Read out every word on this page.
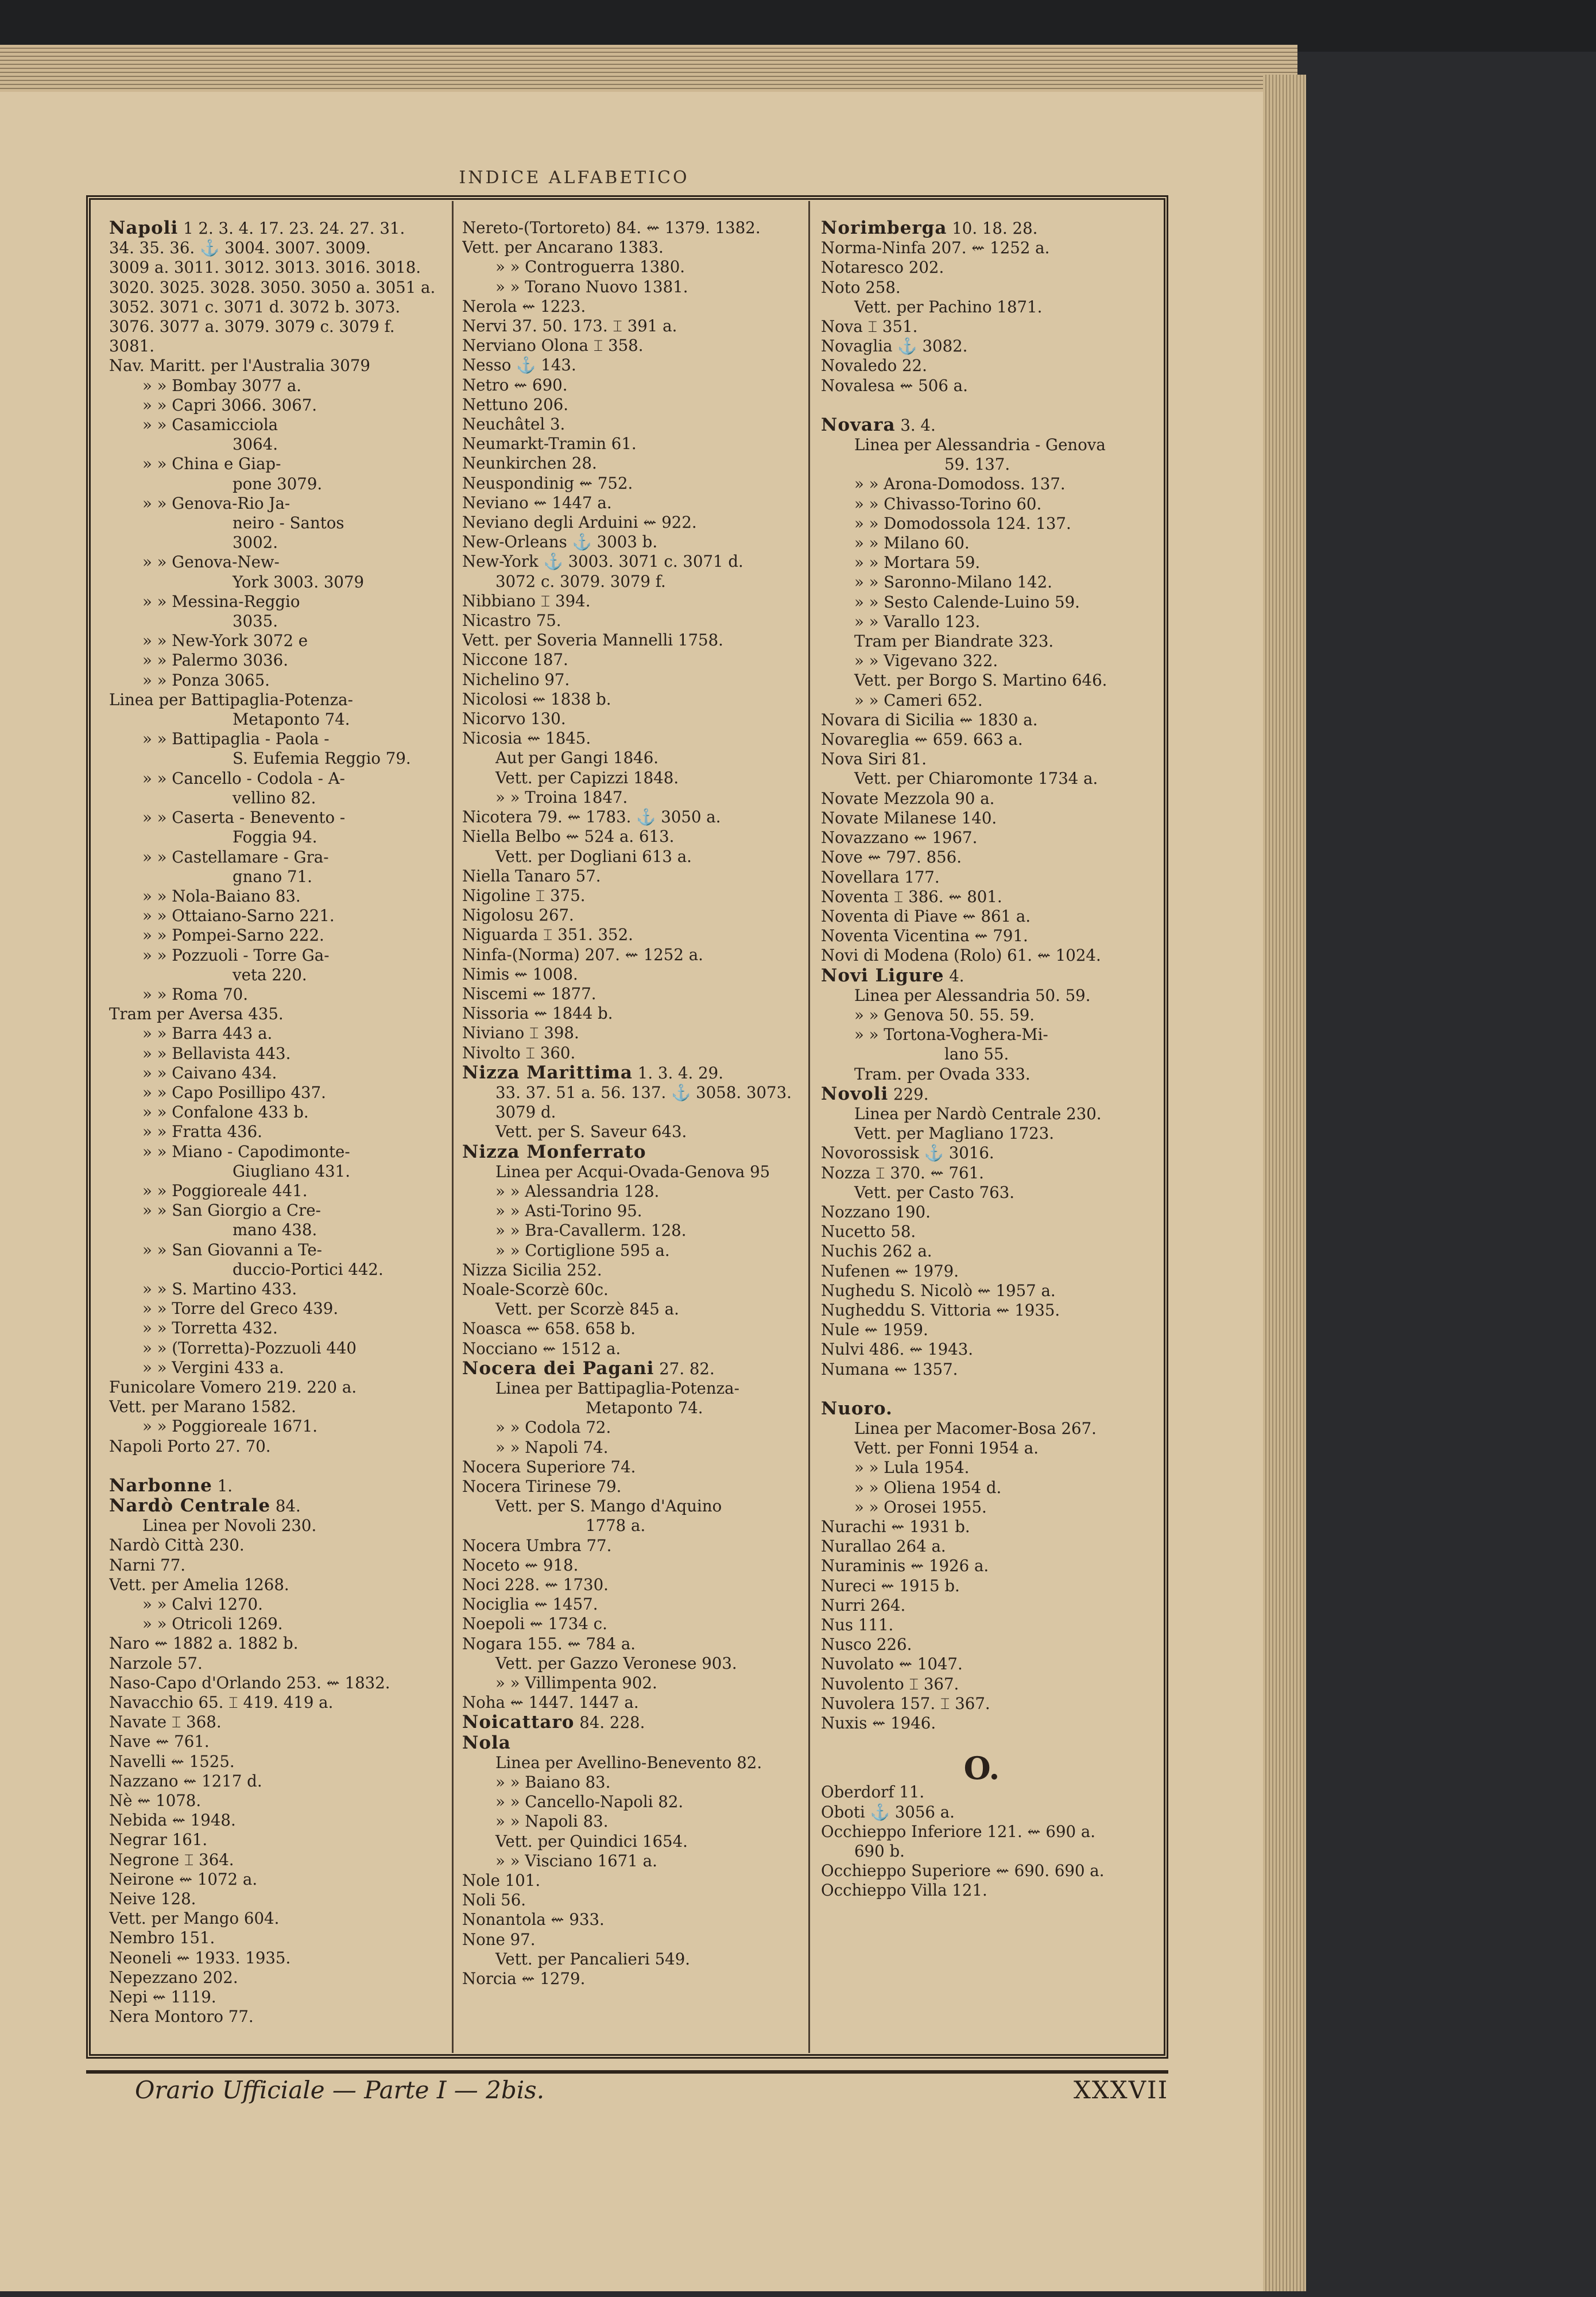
INDICE ALFABETICO
Napoli 1 2. 3. 4. 17. 23. 24. 27. 31.
34. 35. 36. ⚓ 3004. 3007. 3009.
3009 a. 3011. 3012. 3013. 3016. 3018.
3020. 3025. 3028. 3050. 3050 a. 3051 a.
3052. 3071 c. 3071 d. 3072 b. 3073.
3076. 3077 a. 3079. 3079 c. 3079 f.
3081.
Nav. Maritt. per l'Australia 3079
» » Bombay 3077 a.
» » Capri 3066. 3067.
» » Casamicciola
3064.
» » China e Giap-
pone 3079.
» » Genova-Rio Ja-
neiro - Santos
3002.
» » Genova-New-
York 3003. 3079
» » Messina-Reggio
3035.
» » New-York 3072 e
» » Palermo 3036.
» » Ponza 3065.
Linea per Battipaglia-Potenza-
Metaponto 74.
» » Battipaglia - Paola -
S. Eufemia Reggio 79.
» » Cancello - Codola - A-
vellino 82.
» » Caserta - Benevento -
Foggia 94.
» » Castellamare - Gra-
gnano 71.
» » Nola-Baiano 83.
» » Ottaiano-Sarno 221.
» » Pompei-Sarno 222.
» » Pozzuoli - Torre Ga-
veta 220.
» » Roma 70.
Tram per Aversa 435.
» » Barra 443 a.
» » Bellavista 443.
» » Caivano 434.
» » Capo Posillipo 437.
» » Confalone 433 b.
» » Fratta 436.
» » Miano - Capodimonte-
Giugliano 431.
» » Poggioreale 441.
» » San Giorgio a Cre-
mano 438.
» » San Giovanni a Te-
duccio-Portici 442.
» » S. Martino 433.
» » Torre del Greco 439.
» » Torretta 432.
» » (Torretta)-Pozzuoli 440
» » Vergini 433 a.
Funicolare Vomero 219. 220 a.
Vett. per Marano 1582.
» » Poggioreale 1671.
Napoli Porto 27. 70.
Narbonne 1.
Nardò Centrale 84.
Linea per Novoli 230.
Nardò Città 230.
Narni 77.
Vett. per Amelia 1268.
» » Calvi 1270.
» » Otricoli 1269.
Naro ⇜ 1882 a. 1882 b.
Narzole 57.
Naso-Capo d'Orlando 253. ⇜ 1832.
Navacchio 65. ⌶ 419. 419 a.
Navate ⌶ 368.
Nave ⇜ 761.
Navelli ⇜ 1525.
Nazzano ⇜ 1217 d.
Nè ⇜ 1078.
Nebida ⇜ 1948.
Negrar 161.
Negrone ⌶ 364.
Neirone ⇜ 1072 a.
Neive 128.
Vett. per Mango 604.
Nembro 151.
Neoneli ⇜ 1933. 1935.
Nepezzano 202.
Nepi ⇜ 1119.
Nera Montoro 77.
Nereto-(Tortoreto) 84. ⇜ 1379. 1382.
Vett. per Ancarano 1383.
» » Controguerra 1380.
» » Torano Nuovo 1381.
Nerola ⇜ 1223.
Nervi 37. 50. 173. ⌶ 391 a.
Nerviano Olona ⌶ 358.
Nesso ⚓ 143.
Netro ⇜ 690.
Nettuno 206.
Neuchâtel 3.
Neumarkt-Tramin 61.
Neunkirchen 28.
Neuspondinig ⇜ 752.
Neviano ⇜ 1447 a.
Neviano degli Arduini ⇜ 922.
New-Orleans ⚓ 3003 b.
New-York ⚓ 3003. 3071 c. 3071 d.
3072 c. 3079. 3079 f.
Nibbiano ⌶ 394.
Nicastro 75.
Vett. per Soveria Mannelli 1758.
Niccone 187.
Nichelino 97.
Nicolosi ⇜ 1838 b.
Nicorvo 130.
Nicosia ⇜ 1845.
Aut per Gangi 1846.
Vett. per Capizzi 1848.
» » Troina 1847.
Nicotera 79. ⇜ 1783. ⚓ 3050 a.
Niella Belbo ⇜ 524 a. 613.
Vett. per Dogliani 613 a.
Niella Tanaro 57.
Nigoline ⌶ 375.
Nigolosu 267.
Niguarda ⌶ 351. 352.
Ninfa-(Norma) 207. ⇜ 1252 a.
Nimis ⇜ 1008.
Niscemi ⇜ 1877.
Nissoria ⇜ 1844 b.
Niviano ⌶ 398.
Nivolto ⌶ 360.
Nizza Marittima 1. 3. 4. 29.
33. 37. 51 a. 56. 137. ⚓ 3058. 3073.
3079 d.
Vett. per S. Saveur 643.
Nizza Monferrato
Linea per Acqui-Ovada-Genova 95
» » Alessandria 128.
» » Asti-Torino 95.
» » Bra-Cavallerm. 128.
» » Cortiglione 595 a.
Nizza Sicilia 252.
Noale-Scorzè 60c.
Vett. per Scorzè 845 a.
Noasca ⇜ 658. 658 b.
Nocciano ⇜ 1512 a.
Nocera dei Pagani 27. 82.
Linea per Battipaglia-Potenza-
Metaponto 74.
» » Codola 72.
» » Napoli 74.
Nocera Superiore 74.
Nocera Tirinese 79.
Vett. per S. Mango d'Aquino
1778 a.
Nocera Umbra 77.
Noceto ⇜ 918.
Noci 228. ⇜ 1730.
Nociglia ⇜ 1457.
Noepoli ⇜ 1734 c.
Nogara 155. ⇜ 784 a.
Vett. per Gazzo Veronese 903.
» » Villimpenta 902.
Noha ⇜ 1447. 1447 a.
Noicattaro 84. 228.
Nola
Linea per Avellino-Benevento 82.
» » Baiano 83.
» » Cancello-Napoli 82.
» » Napoli 83.
Vett. per Quindici 1654.
» » Visciano 1671 a.
Nole 101.
Noli 56.
Nonantola ⇜ 933.
None 97.
Vett. per Pancalieri 549.
Norcia ⇜ 1279.
Norimberga 10. 18. 28.
Norma-Ninfa 207. ⇜ 1252 a.
Notaresco 202.
Noto 258.
Vett. per Pachino 1871.
Nova ⌶ 351.
Novaglia ⚓ 3082.
Novaledo 22.
Novalesa ⇜ 506 a.
Novara 3. 4.
Linea per Alessandria - Genova
59. 137.
» » Arona-Domodoss. 137.
» » Chivasso-Torino 60.
» » Domodossola 124. 137.
» » Milano 60.
» » Mortara 59.
» » Saronno-Milano 142.
» » Sesto Calende-Luino 59.
» » Varallo 123.
Tram per Biandrate 323.
» » Vigevano 322.
Vett. per Borgo S. Martino 646.
» » Cameri 652.
Novara di Sicilia ⇜ 1830 a.
Novareglia ⇜ 659. 663 a.
Nova Siri 81.
Vett. per Chiaromonte 1734 a.
Novate Mezzola 90 a.
Novate Milanese 140.
Novazzano ⇜ 1967.
Nove ⇜ 797. 856.
Novellara 177.
Noventa ⌶ 386. ⇜ 801.
Noventa di Piave ⇜ 861 a.
Noventa Vicentina ⇜ 791.
Novi di Modena (Rolo) 61. ⇜ 1024.
Novi Ligure 4.
Linea per Alessandria 50. 59.
» » Genova 50. 55. 59.
» » Tortona-Voghera-Mi-
lano 55.
Tram. per Ovada 333.
Novoli 229.
Linea per Nardò Centrale 230.
Vett. per Magliano 1723.
Novorossisk ⚓ 3016.
Nozza ⌶ 370. ⇜ 761.
Vett. per Casto 763.
Nozzano 190.
Nucetto 58.
Nuchis 262 a.
Nufenen ⇜ 1979.
Nughedu S. Nicolò ⇜ 1957 a.
Nugheddu S. Vittoria ⇜ 1935.
Nule ⇜ 1959.
Nulvi 486. ⇜ 1943.
Numana ⇜ 1357.
Nuoro.
Linea per Macomer-Bosa 267.
Vett. per Fonni 1954 a.
» » Lula 1954.
» » Oliena 1954 d.
» » Orosei 1955.
Nurachi ⇜ 1931 b.
Nurallao 264 a.
Nuraminis ⇜ 1926 a.
Nureci ⇜ 1915 b.
Nurri 264.
Nus 111.
Nusco 226.
Nuvolato ⇜ 1047.
Nuvolento ⌶ 367.
Nuvolera 157. ⌶ 367.
Nuxis ⇜ 1946.
O.
Oberdorf 11.
Oboti ⚓ 3056 a.
Occhieppo Inferiore 121. ⇜ 690 a.
690 b.
Occhieppo Superiore ⇜ 690. 690 a.
Occhieppo Villa 121.
Orario Ufficiale — Parte I — 2bis.	XXXVII
